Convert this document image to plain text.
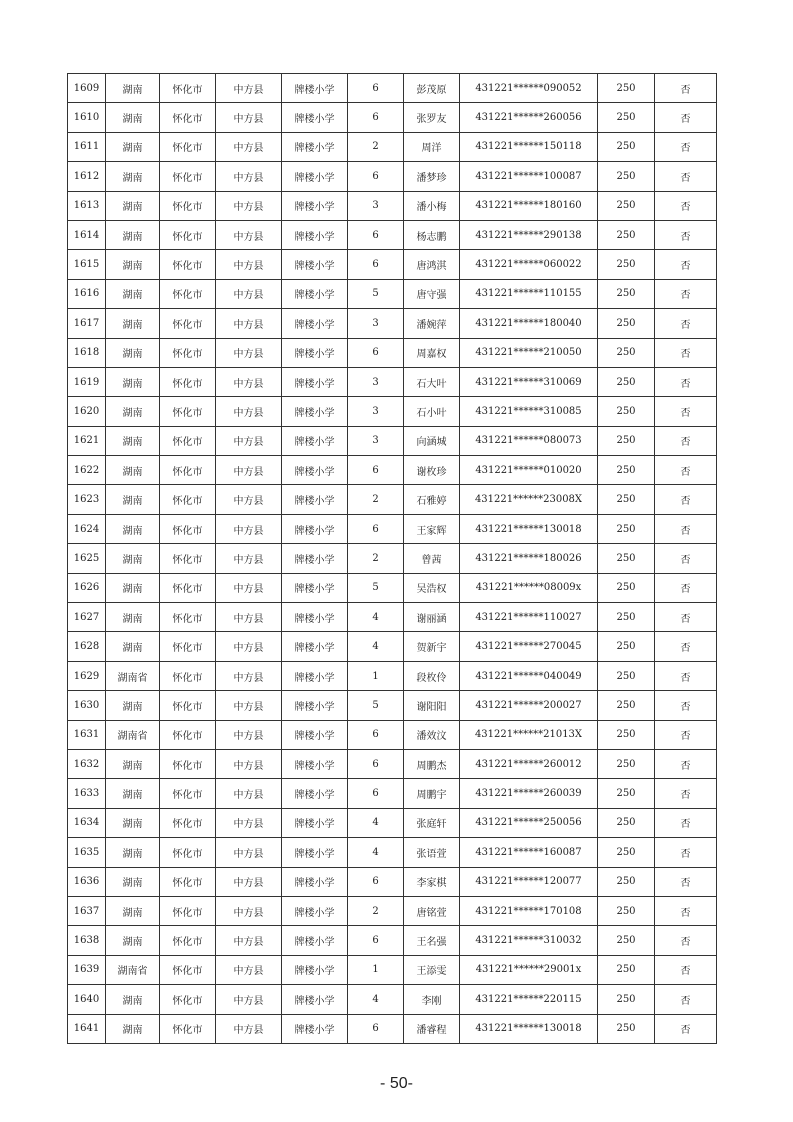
1609	湖南	怀化市	中方县	牌楼小学	6	彭茂原	431221******090052	250	否
1610	湖南	怀化市	中方县	牌楼小学	6	张罗友	431221******260056	250	否
1611	湖南	怀化市	中方县	牌楼小学	2	周洋	431221******150118	250	否
1612	湖南	怀化市	中方县	牌楼小学	6	潘梦珍	431221******100087	250	否
1613	湖南	怀化市	中方县	牌楼小学	3	潘小梅	431221******180160	250	否
1614	湖南	怀化市	中方县	牌楼小学	6	杨志鹏	431221******290138	250	否
1615	湖南	怀化市	中方县	牌楼小学	6	唐鸿淇	431221******060022	250	否
1616	湖南	怀化市	中方县	牌楼小学	5	唐守强	431221******110155	250	否
1617	湖南	怀化市	中方县	牌楼小学	3	潘婉萍	431221******180040	250	否
1618	湖南	怀化市	中方县	牌楼小学	6	周嘉权	431221******210050	250	否
1619	湖南	怀化市	中方县	牌楼小学	3	石大叶	431221******310069	250	否
1620	湖南	怀化市	中方县	牌楼小学	3	石小叶	431221******310085	250	否
1621	湖南	怀化市	中方县	牌楼小学	3	向涵城	431221******080073	250	否
1622	湖南	怀化市	中方县	牌楼小学	6	谢枚珍	431221******010020	250	否
1623	湖南	怀化市	中方县	牌楼小学	2	石雅婷	431221******23008X	250	否
1624	湖南	怀化市	中方县	牌楼小学	6	王家辉	431221******130018	250	否
1625	湖南	怀化市	中方县	牌楼小学	2	曾茜	431221******180026	250	否
1626	湖南	怀化市	中方县	牌楼小学	5	吴浩权	431221******08009x	250	否
1627	湖南	怀化市	中方县	牌楼小学	4	谢丽涵	431221******110027	250	否
1628	湖南	怀化市	中方县	牌楼小学	4	贺新宇	431221******270045	250	否
1629	湖南省	怀化市	中方县	牌楼小学	1	段枚伶	431221******040049	250	否
1630	湖南	怀化市	中方县	牌楼小学	5	谢阳阳	431221******200027	250	否
1631	湖南省	怀化市	中方县	牌楼小学	6	潘效汶	431221******21013X	250	否
1632	湖南	怀化市	中方县	牌楼小学	6	周鹏杰	431221******260012	250	否
1633	湖南	怀化市	中方县	牌楼小学	6	周鹏宇	431221******260039	250	否
1634	湖南	怀化市	中方县	牌楼小学	4	张庭轩	431221******250056	250	否
1635	湖南	怀化市	中方县	牌楼小学	4	张语萱	431221******160087	250	否
1636	湖南	怀化市	中方县	牌楼小学	6	李家棋	431221******120077	250	否
1637	湖南	怀化市	中方县	牌楼小学	2	唐铭萱	431221******170108	250	否
1638	湖南	怀化市	中方县	牌楼小学	6	王名强	431221******310032	250	否
1639	湖南省	怀化市	中方县	牌楼小学	1	王添雯	431221******29001x	250	否
1640	湖南	怀化市	中方县	牌楼小学	4	李刚	431221******220115	250	否
1641	湖南	怀化市	中方县	牌楼小学	6	潘睿程	431221******130018	250	否
- 50-
